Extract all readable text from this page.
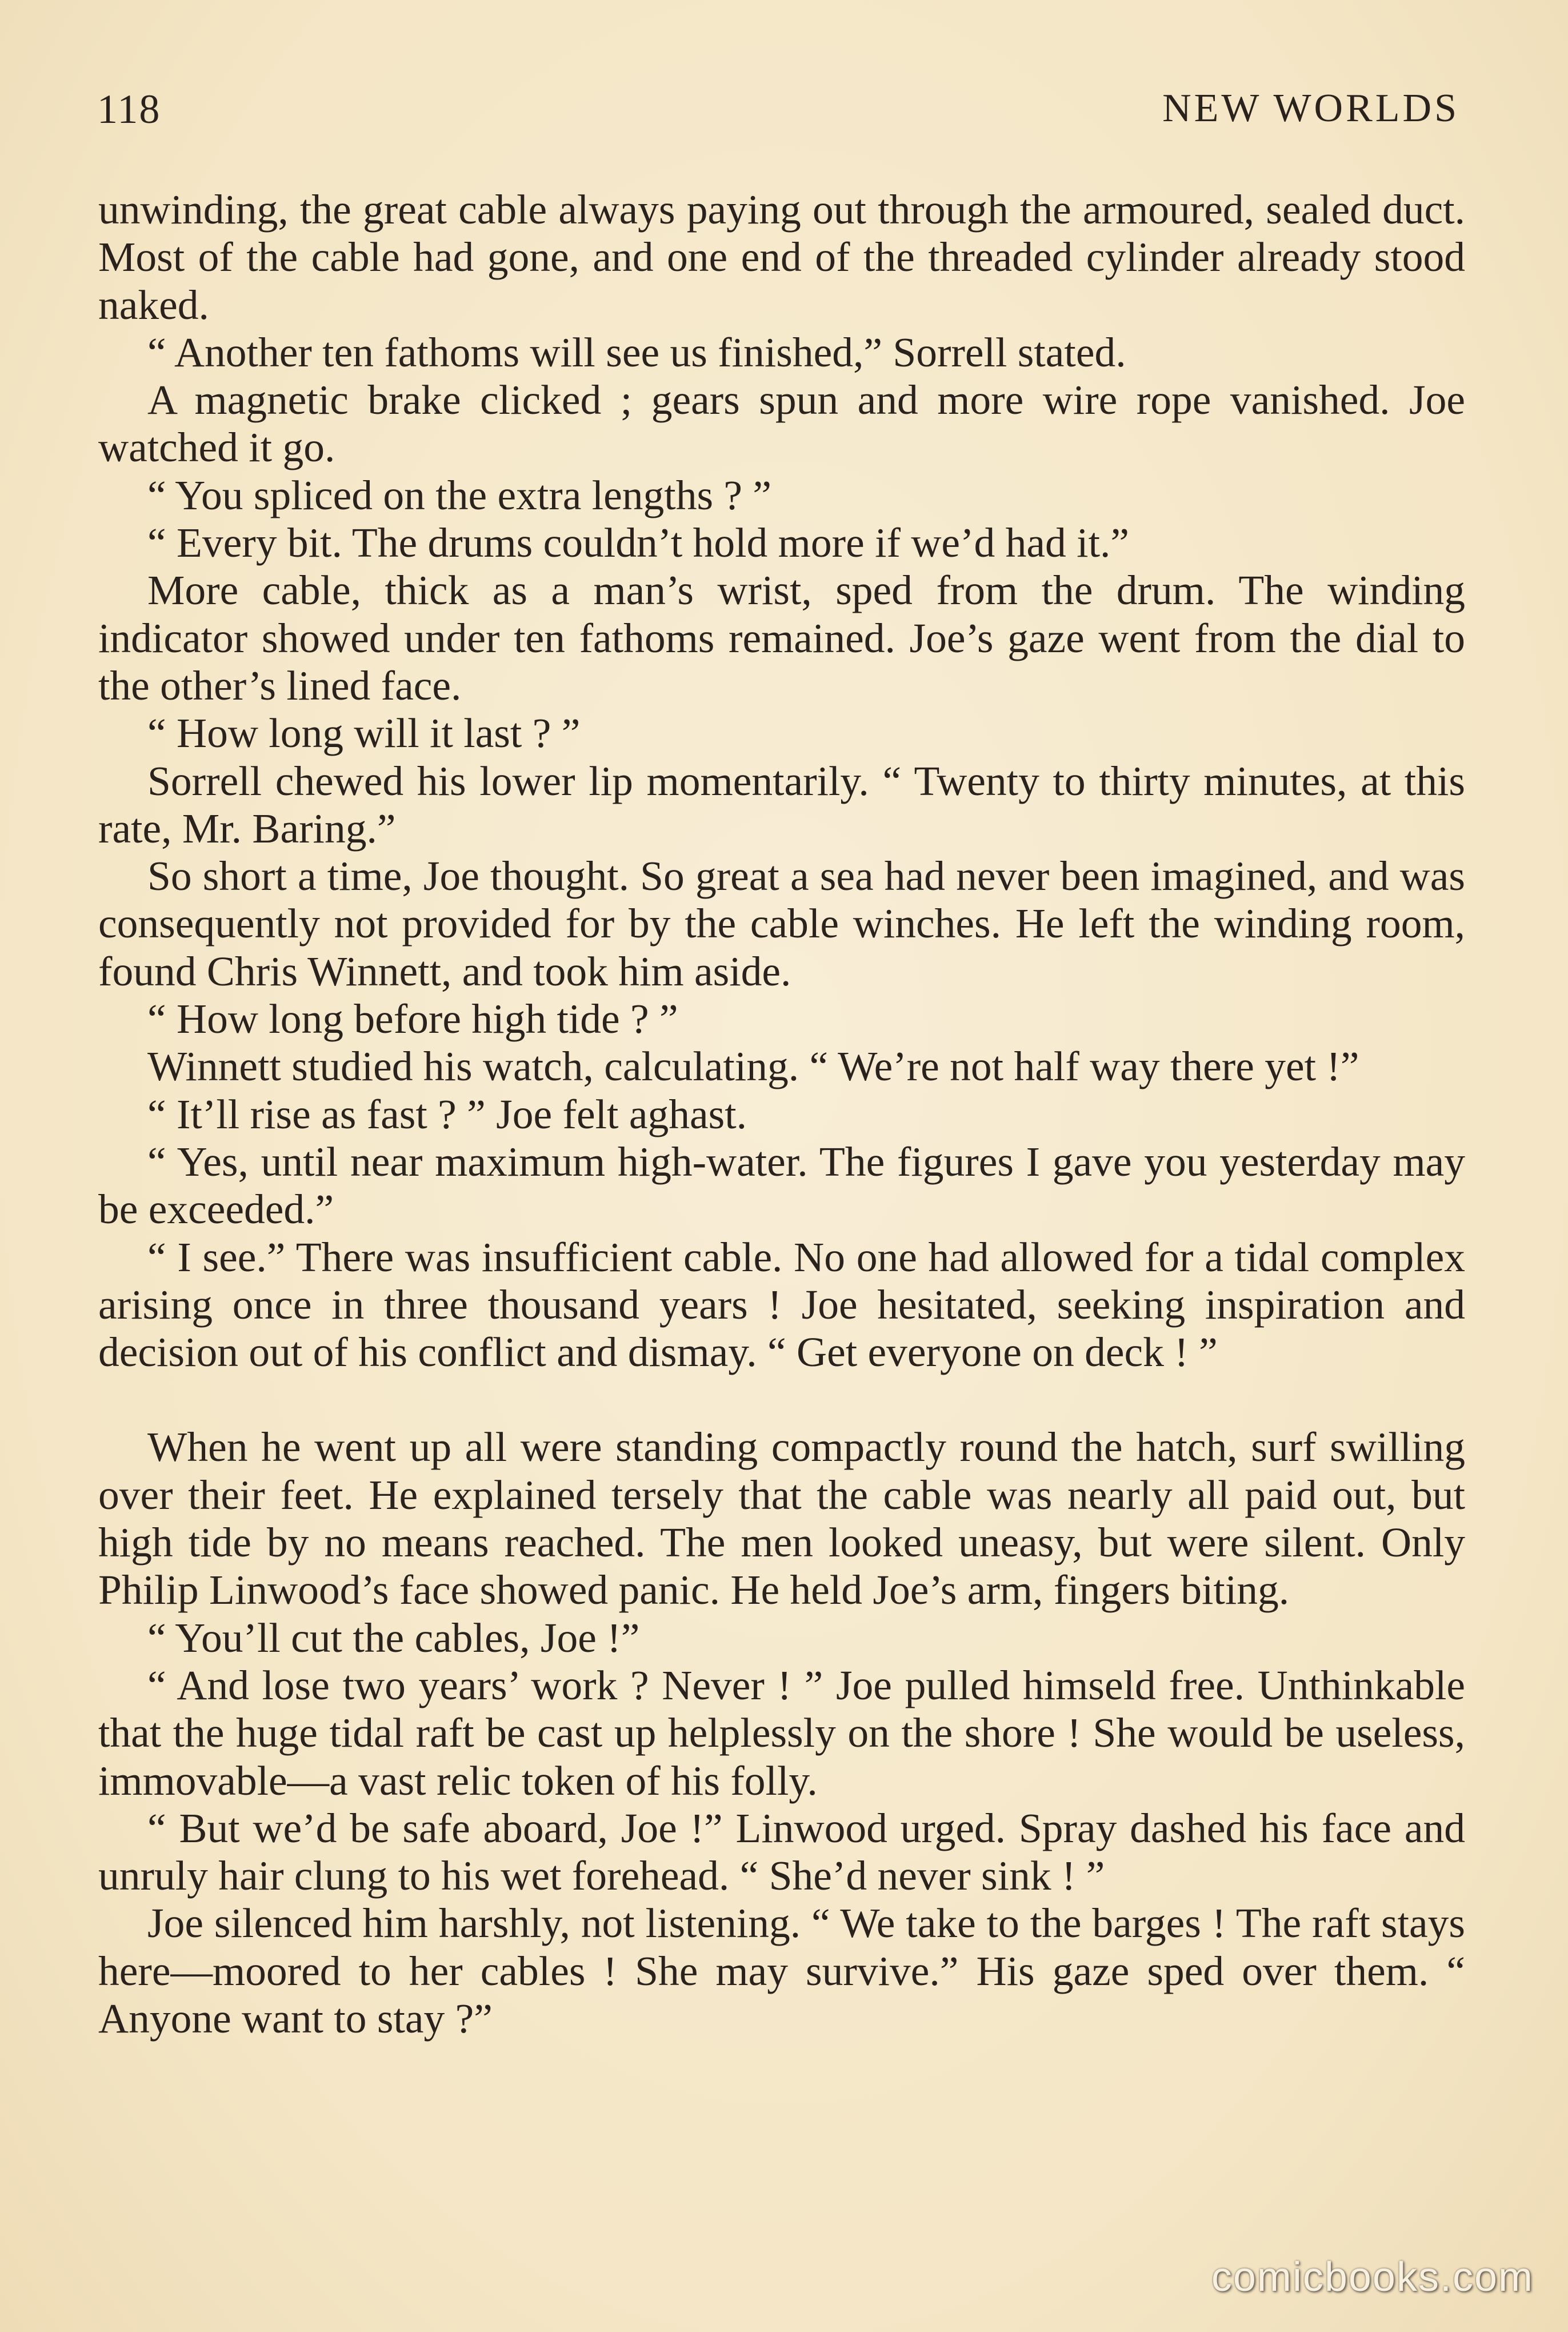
118	NEW WORLDS

unwinding, the great cable always paying out through the armoured, sealed duct. Most of the cable had gone, and one end of the threaded cylinder already stood naked.

“ Another ten fathoms will see us finished,” Sorrell stated.

A magnetic brake clicked ; gears spun and more wire rope vanished. Joe watched it go.

“ You spliced on the extra lengths ? ”

“ Every bit. The drums couldn’t hold more if we’d had it.”

More cable, thick as a man’s wrist, sped from the drum. The winding indicator showed under ten fathoms remained. Joe’s gaze went from the dial to the other’s lined face.

“ How long will it last ? ”

Sorrell chewed his lower lip momentarily. “ Twenty to thirty minutes, at this rate, Mr. Baring.”

So short a time, Joe thought. So great a sea had never been imagined, and was consequently not provided for by the cable winches. He left the winding room, found Chris Winnett, and took him aside.

“ How long before high tide ? ”

Winnett studied his watch, calculating. “ We’re not half way there yet !”

“ It’ll rise as fast ? ” Joe felt aghast.

“ Yes, until near maximum high-water. The figures I gave you yesterday may be exceeded.”

“ I see.” There was insufficient cable. No one had allowed for a tidal complex arising once in three thousand years ! Joe hesitated, seeking inspiration and decision out of his conflict and dismay. “ Get everyone on deck ! ”

When he went up all were standing compactly round the hatch, surf swilling over their feet. He explained tersely that the cable was nearly all paid out, but high tide by no means reached. The men looked uneasy, but were silent. Only Philip Linwood’s face showed panic. He held Joe’s arm, fingers biting.

“ You’ll cut the cables, Joe !”

“ And lose two years’ work ? Never ! ” Joe pulled himseld free. Unthinkable that the huge tidal raft be cast up helplessly on the shore ! She would be useless, immovable—a vast relic token of his folly.

“ But we’d be safe aboard, Joe !” Linwood urged. Spray dashed his face and unruly hair clung to his wet forehead. “ She’d never sink ! ”

Joe silenced him harshly, not listening. “ We take to the barges ! The raft stays here—moored to her cables ! She may survive.” His gaze sped over them. “ Anyone want to stay ?”

comicbooks.com
